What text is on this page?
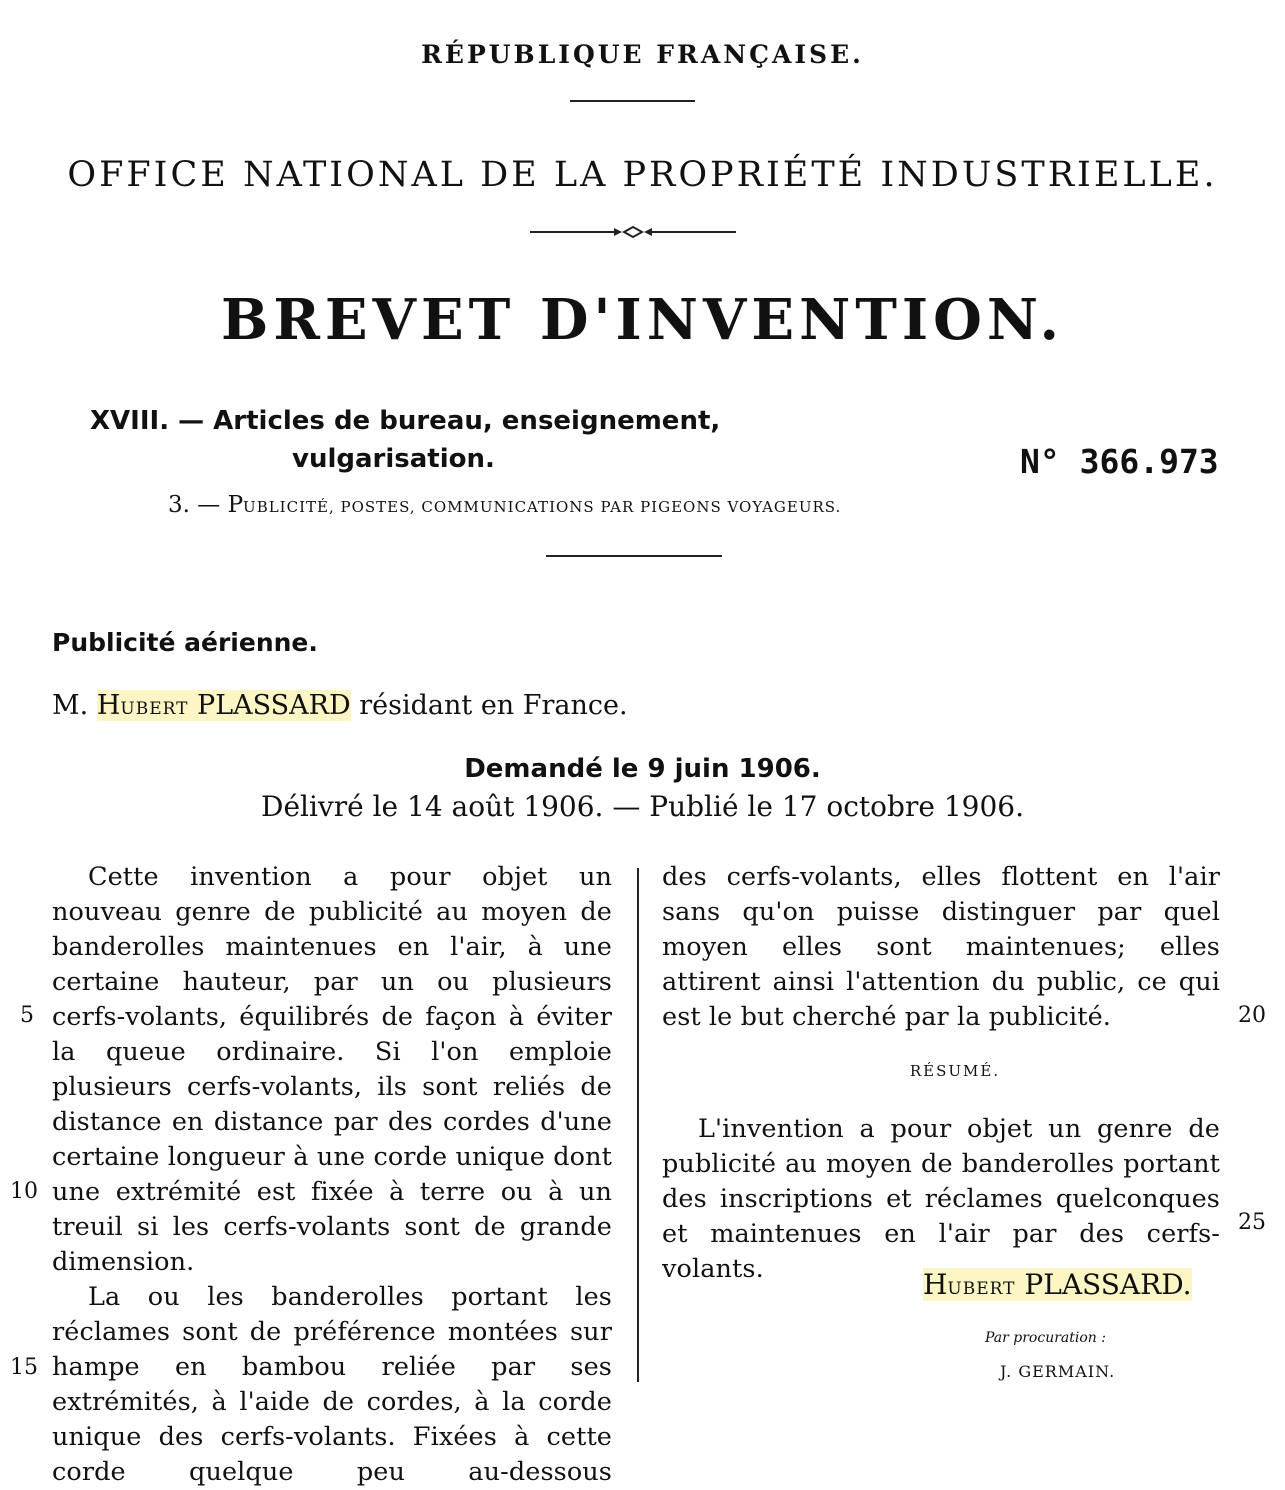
RÉPUBLIQUE FRANÇAISE.
OFFICE NATIONAL DE LA PROPRIÉTÉ INDUSTRIELLE.
BREVET D'INVENTION.
XVIII. — Articles de bureau, enseignement,
vulgarisation.	N° 366.973
3. — PUBLICITÉ, POSTES, COMMUNICATIONS PAR PIGEONS VOYAGEURS.
Publicité aérienne.
M. HUBERT PLASSARD résidant en France.
Demandé le 9 juin 1906.
Délivré le 14 août 1906. — Publié le 17 octobre 1906.

Cette invention a pour objet un nouveau genre de publicité au moyen de banderolles maintenues en l'air, à une certaine hauteur, par un ou plusieurs cerfs-volants, équilibrés de façon à éviter la queue ordinaire. Si l'on emploie plusieurs cerfs-volants, ils sont reliés de distance en distance par des cordes d'une certaine longueur à une corde unique dont une extrémité est fixée à terre ou à un treuil si les cerfs-volants sont de grande dimension.

La ou les banderolles portant les réclames sont de préférence montées sur hampe en bambou reliée par ses extrémités, à l'aide de cordes, à la corde unique des cerfs-volants. Fixées à cette corde quelque peu au-dessous

5
10
15

des cerfs-volants, elles flottent en l'air sans qu'on puisse distinguer par quel moyen elles sont maintenues; elles attirent ainsi l'attention du public, ce qui est le but cherché par la publicité.

L'invention a pour objet un genre de publicité au moyen de banderolles portant des inscriptions et réclames quelconques et maintenues en l'air par des cerfs-volants.

RÉSUMÉ.
20
25
HUBERT PLASSARD.
Par procuration :
J. GERMAIN.
